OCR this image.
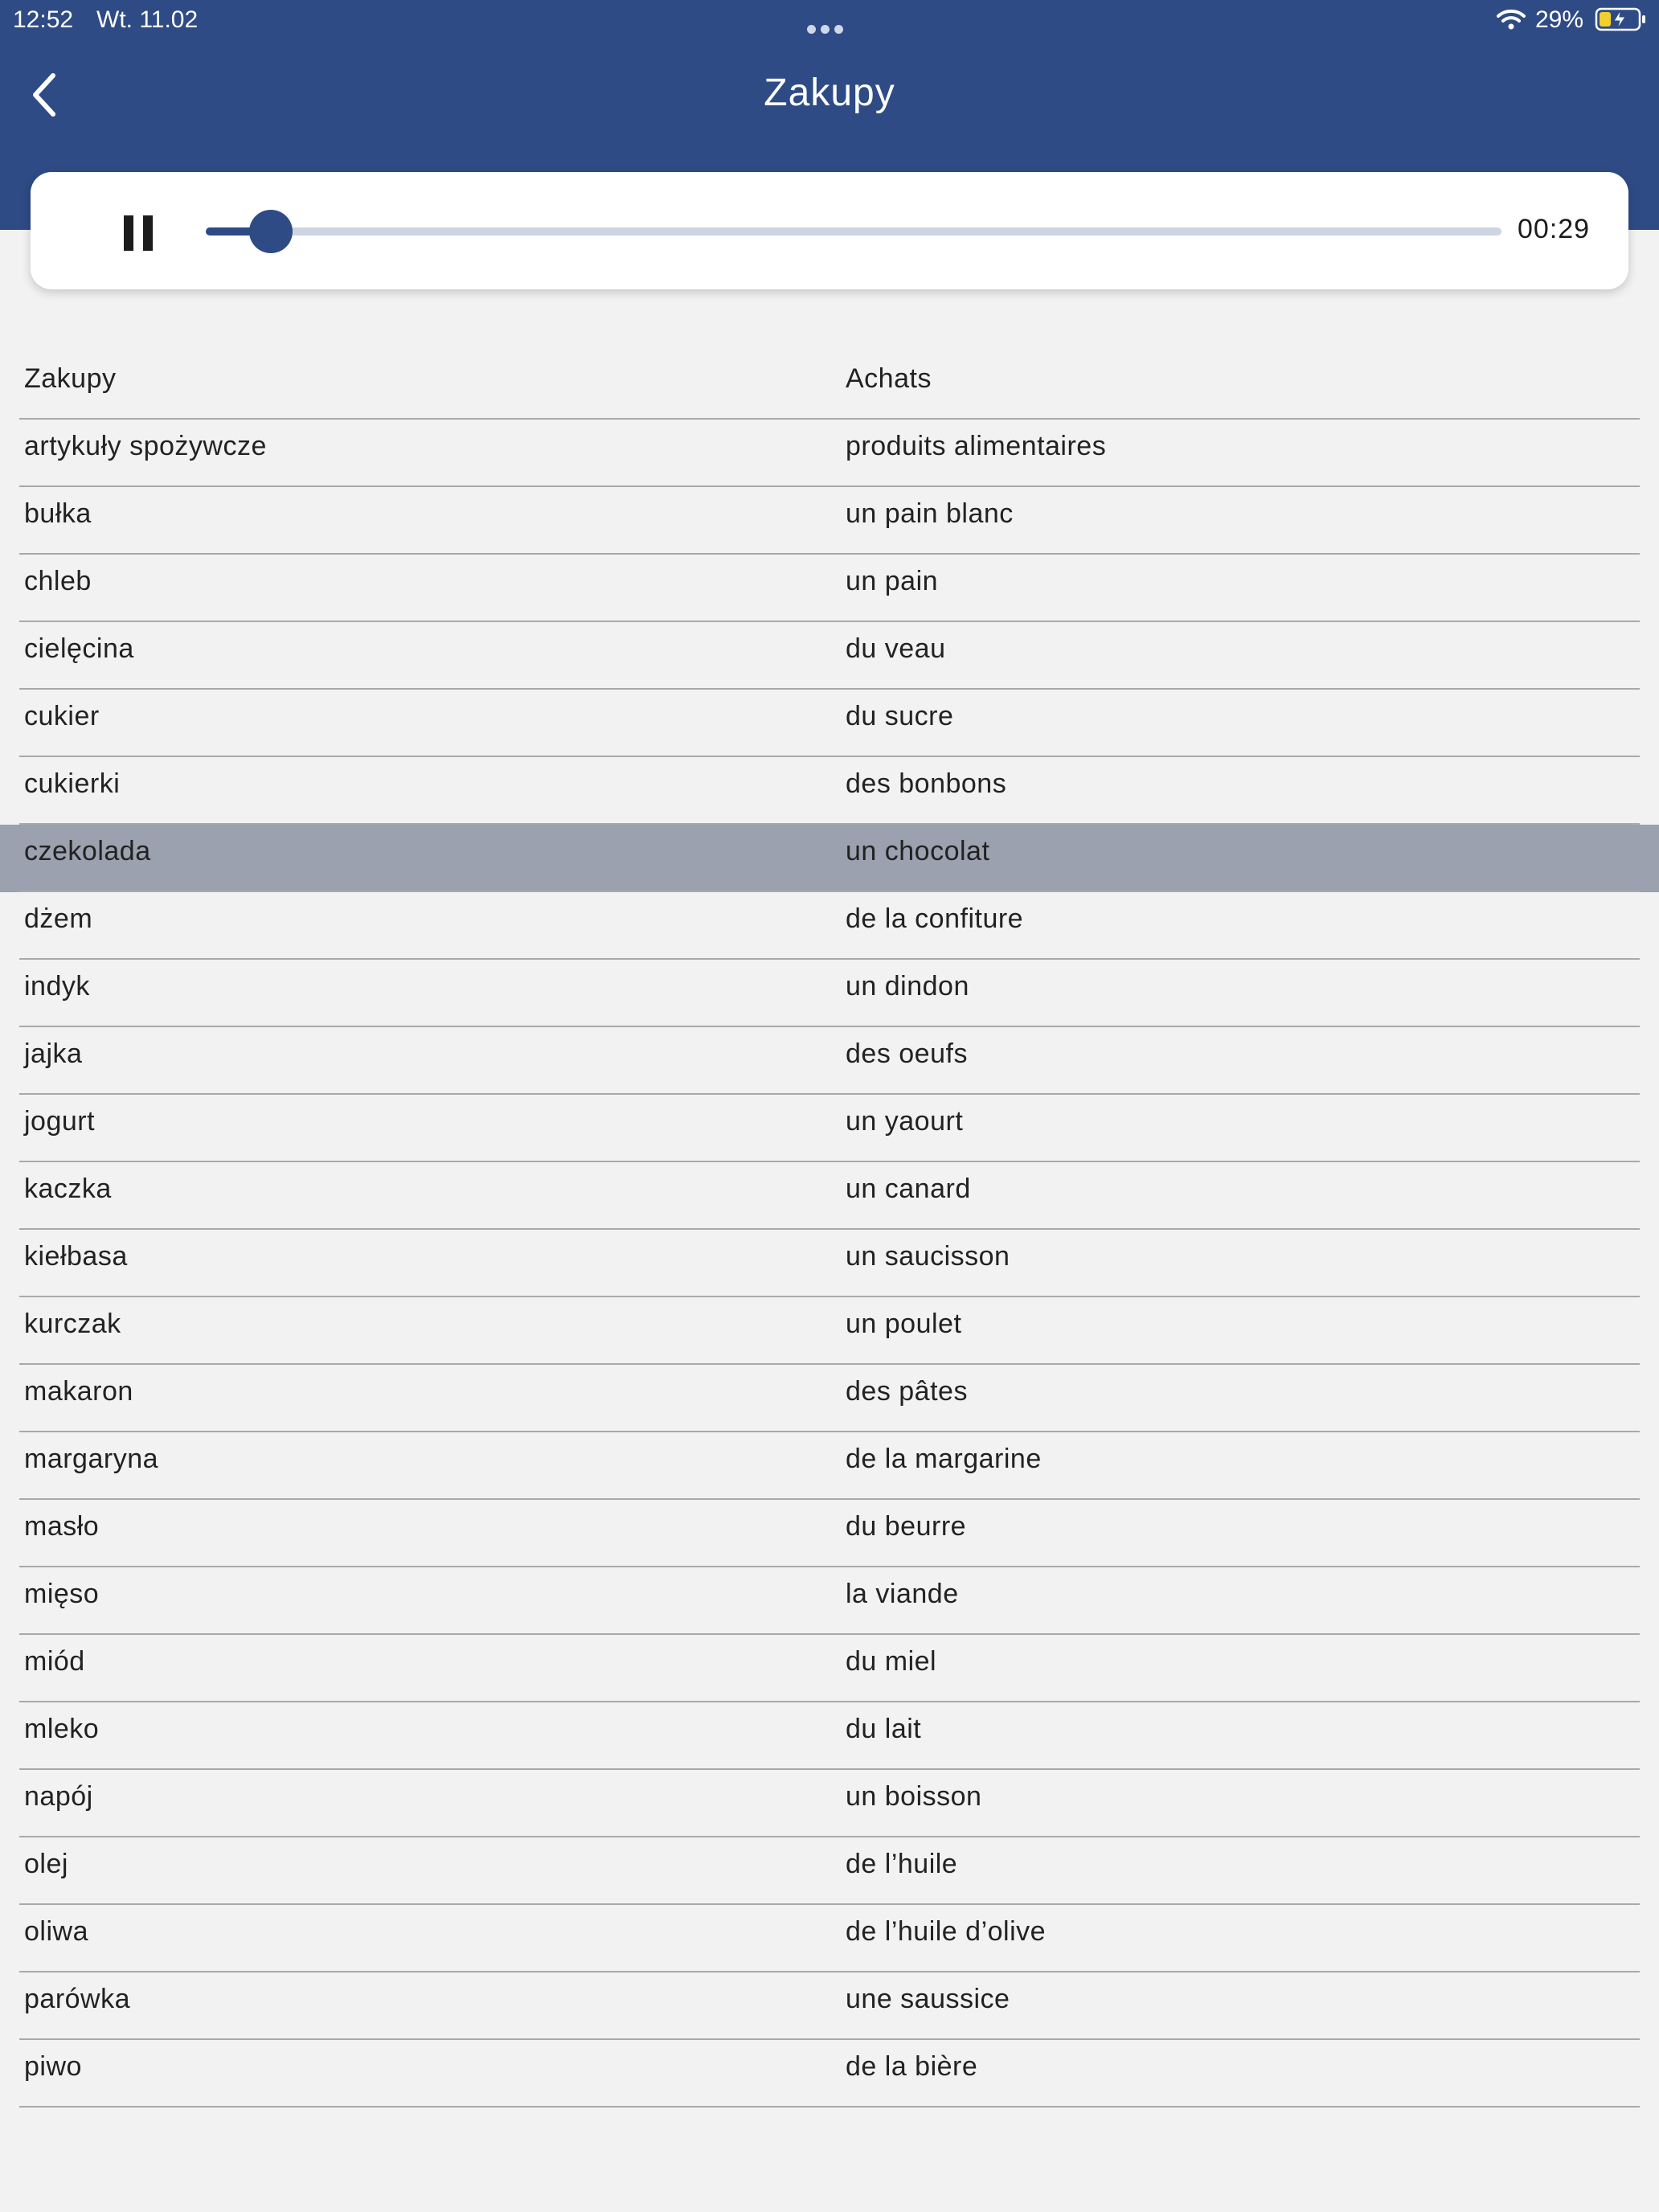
12:52 Wt. 11.02	29%
Zakupy
00:29
Zakupy	Achats
artykuły spożywcze	produits alimentaires
bułka	un pain blanc
chleb	un pain
cielęcina	du veau
cukier	du sucre
cukierki	des bonbons
czekolada	un chocolat
dżem	de la confiture
indyk	un dindon
jajka	des oeufs
jogurt	un yaourt
kaczka	un canard
kiełbasa	un saucisson
kurczak	un poulet
makaron	des pâtes
margaryna	de la margarine
masło	du beurre
mięso	la viande
miód	du miel
mleko	du lait
napój	un boisson
olej	de l’huile
oliwa	de l’huile d’olive
parówka	une saussice
piwo	de la bière
